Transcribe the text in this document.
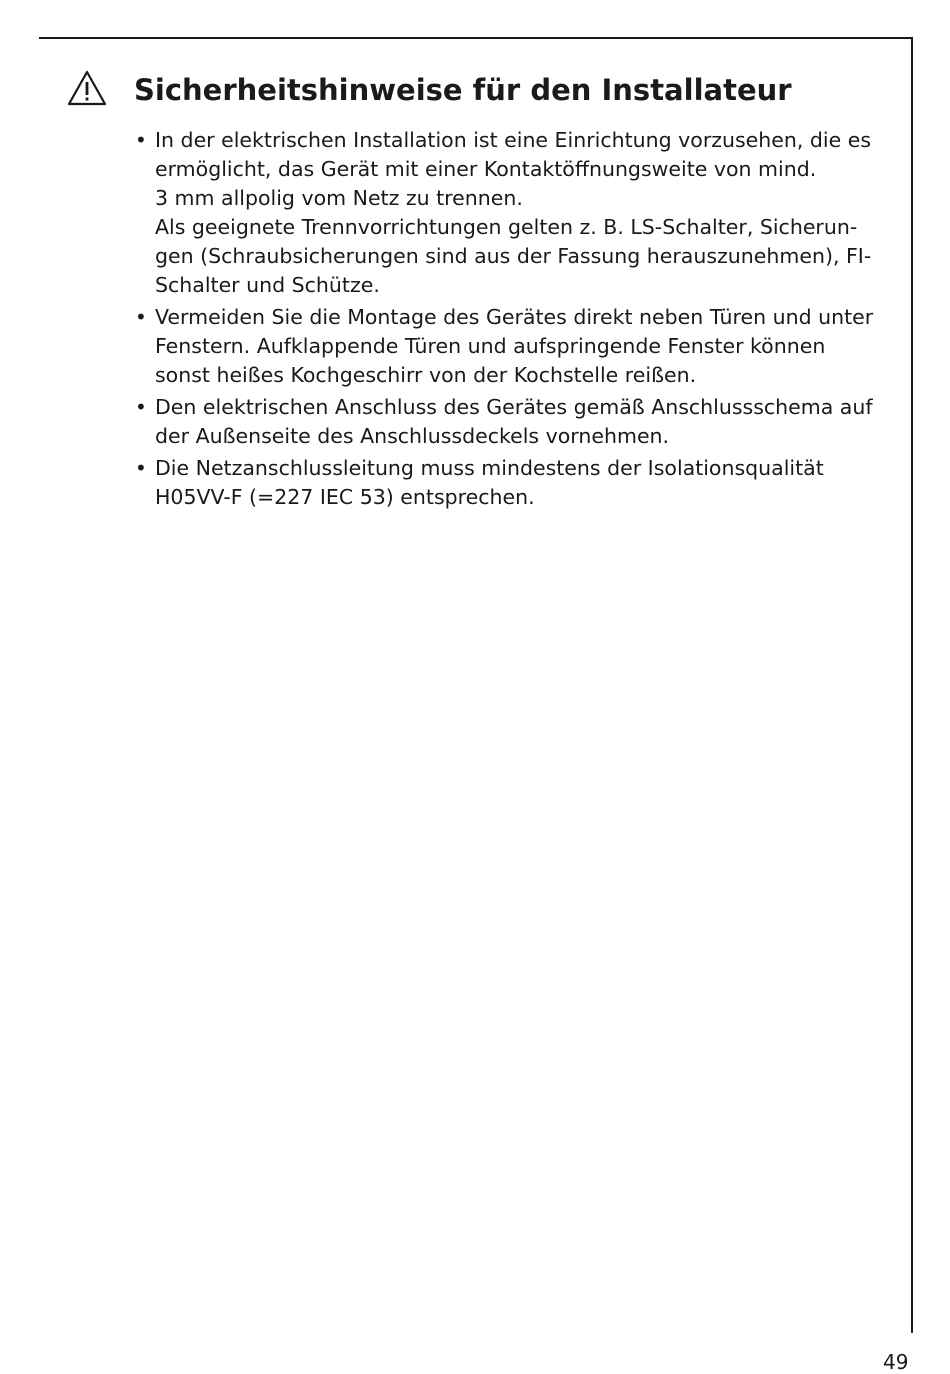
Sicherheitshinweise für den Installateur
• In der elektrischen Installation ist eine Einrichtung vorzusehen, die es
ermöglicht, das Gerät mit einer Kontaktöffnungsweite von mind.
3 mm allpolig vom Netz zu trennen.
Als geeignete Trennvorrichtungen gelten z. B. LS-Schalter, Sicherun-
gen (Schraubsicherungen sind aus der Fassung herauszunehmen), FI-
Schalter und Schütze.
• Vermeiden Sie die Montage des Gerätes direkt neben Türen und unter
Fenstern. Aufklappende Türen und aufspringende Fenster können
sonst heißes Kochgeschirr von der Kochstelle reißen.
• Den elektrischen Anschluss des Gerätes gemäß Anschlussschema auf
der Außenseite des Anschlussdeckels vornehmen.
• Die Netzanschlussleitung muss mindestens der Isolationsqualität
H05VV-F (=227 IEC 53) entsprechen.
49
